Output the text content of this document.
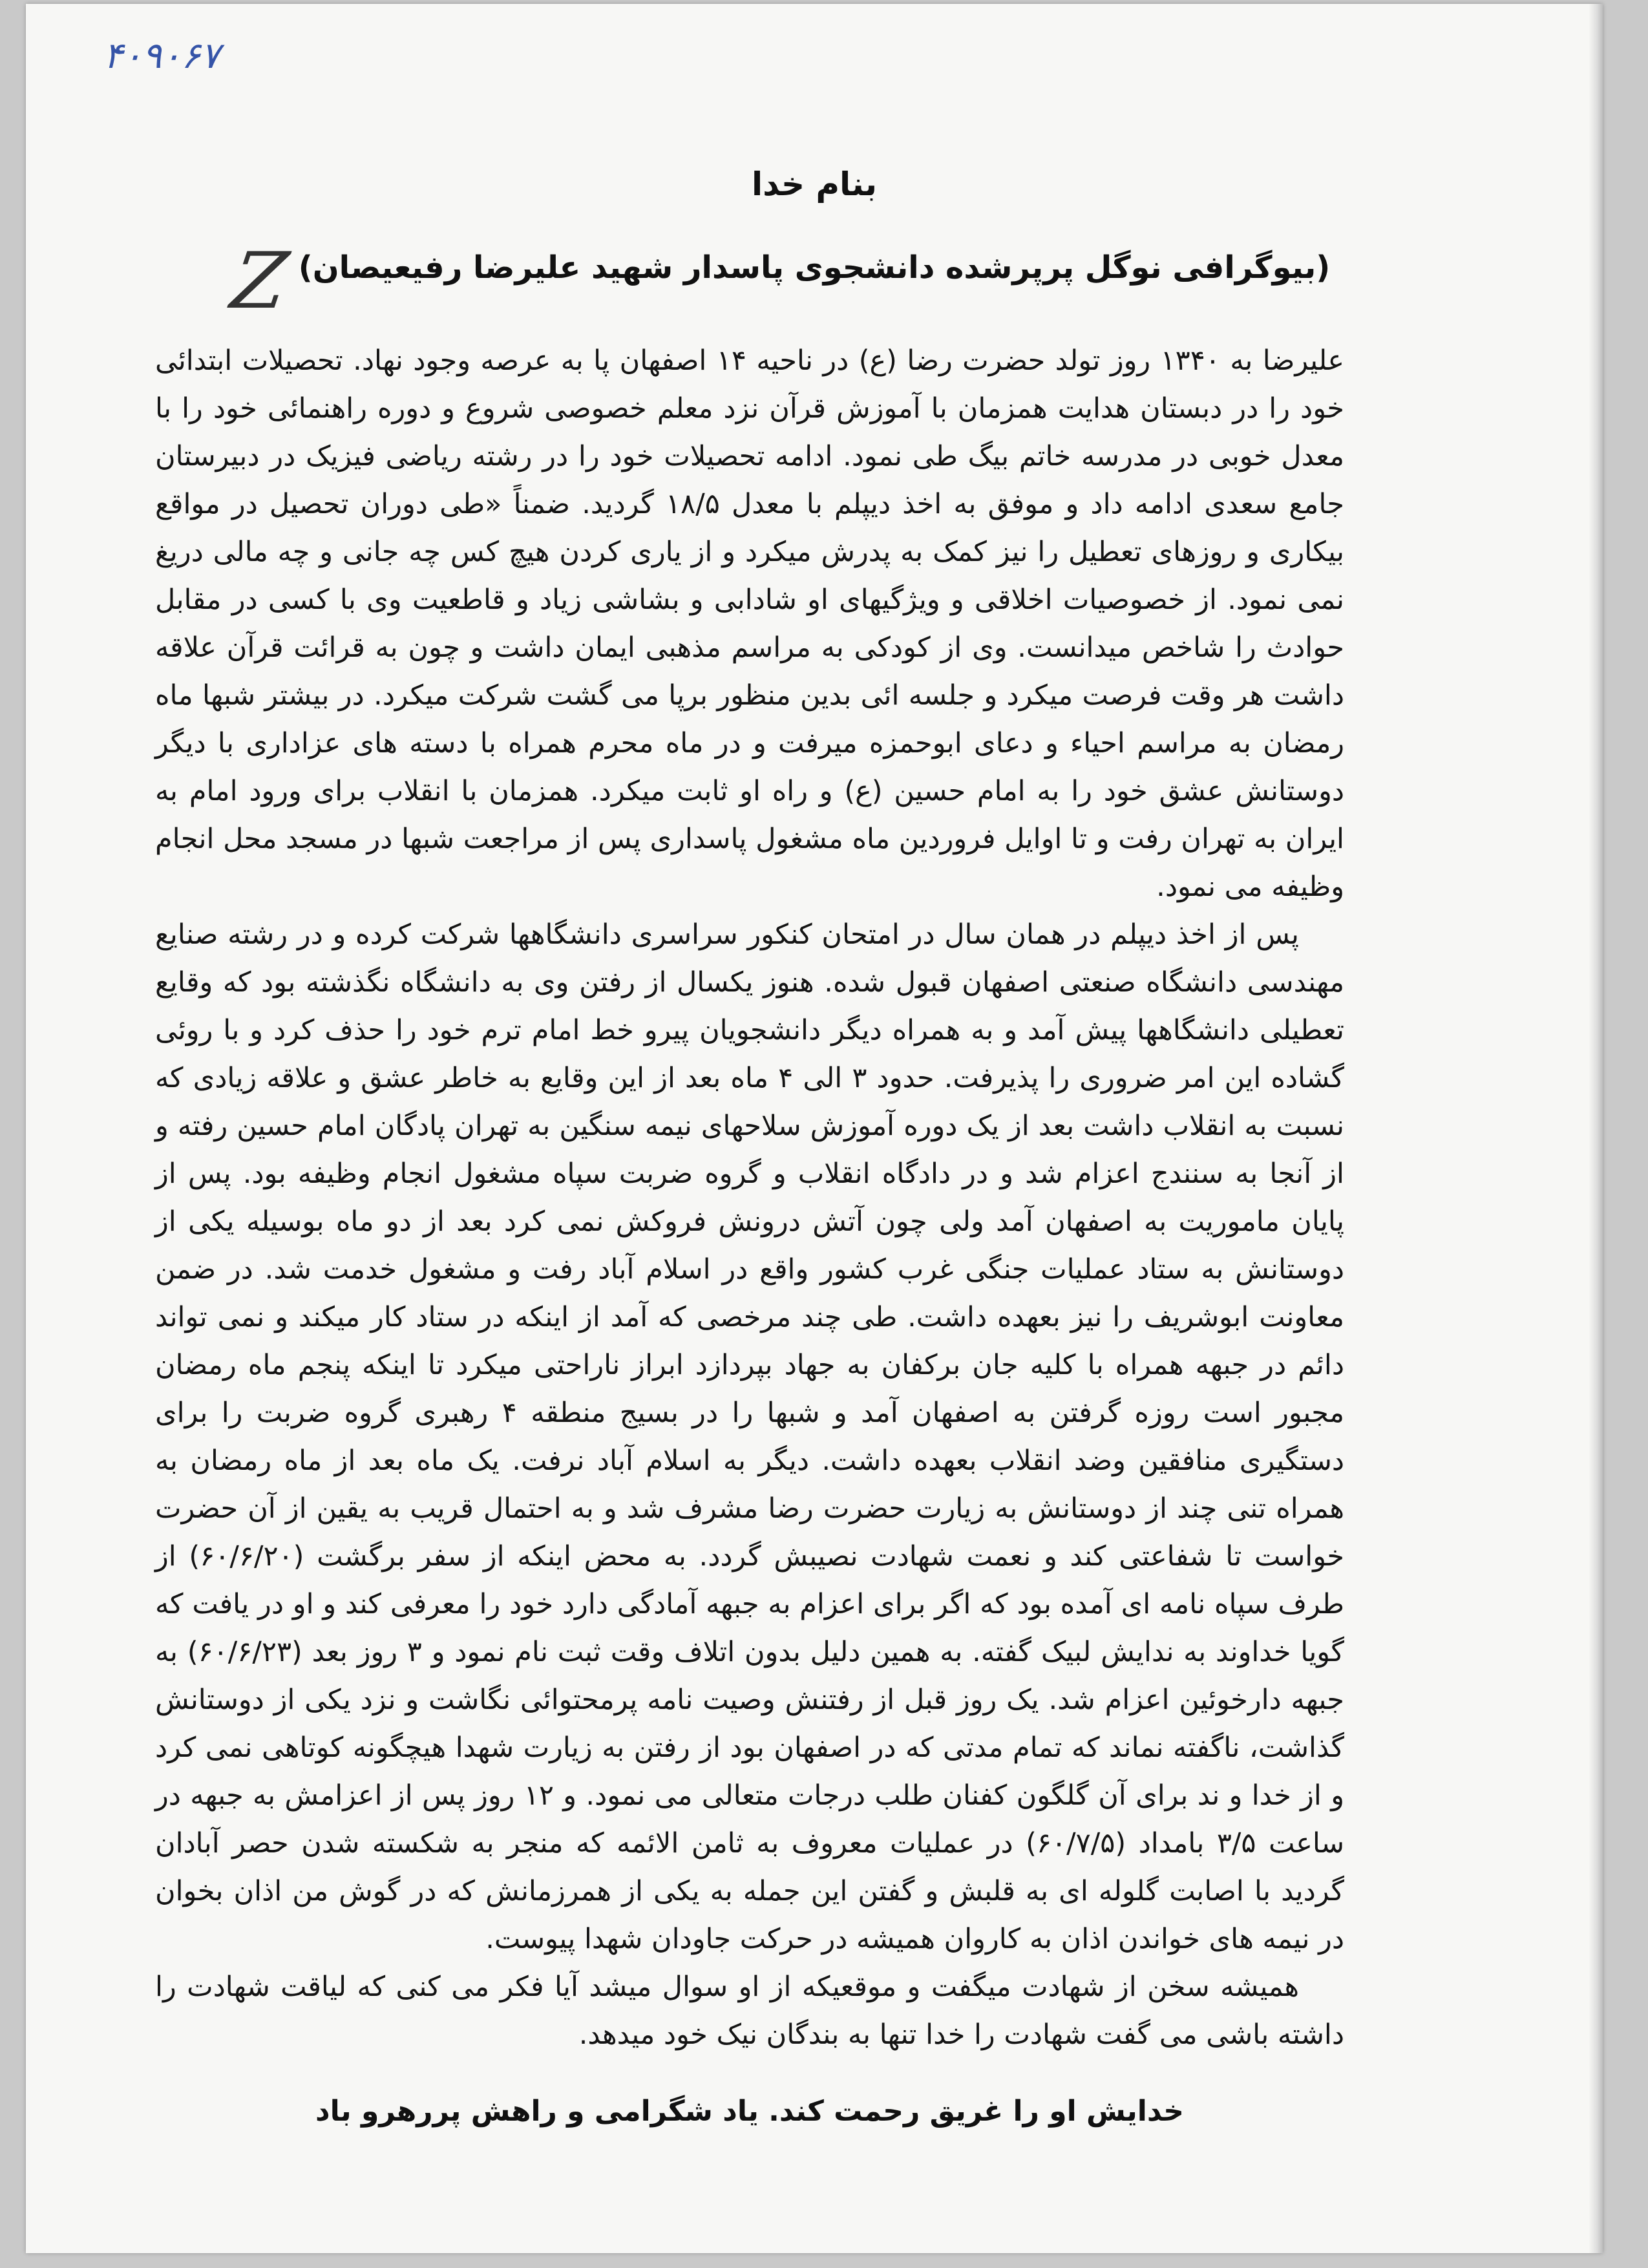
۴۰۹۰۶۷
Z
بنام خدا
(بیوگرافی نوگل پرپرشده دانشجوی پاسدار شهید علیرضا رفیعیصان)

علیرضا به ۱۳۴۰ روز تولد حضرت رضا (ع) در ناحیه ۱۴ اصفهان پا به عرصه وجود نهاد. تحصیلات ابتدائی خود را در دبستان هدایت همزمان با آموزش قرآن نزد معلم خصوصی شروع و دوره راهنمائی خود را با معدل خوبی در مدرسه خاتم بیگ طی نمود. ادامه تحصیلات خود را در رشته ریاضی فیزیک در دبیرستان جامع سعدی ادامه داد و موفق به اخذ دیپلم با معدل ۱۸/۵ گردید. ضمناً «طی دوران تحصیل در مواقع بیکاری و روزهای تعطیل را نیز کمک به پدرش میکرد و از یاری کردن هیچ کس چه جانی و چه مالی دریغ نمی نمود. از خصوصیات اخلاقی و ویژگیهای او شادابی و بشاشی زیاد و قاطعیت وی با کسی در مقابل حوادث را شاخص میدانست. وی از کودکی به مراسم مذهبی ایمان داشت و چون به قرائت قرآن علاقه داشت هر وقت فرصت میکرد و جلسه ائی بدین منظور برپا می گشت شرکت میکرد. در بیشتر شبها ماه رمضان به مراسم احیاء و دعای ابوحمزه میرفت و در ماه محرم همراه با دسته های عزاداری با دیگر دوستانش عشق خود را به امام حسین (ع) و راه او ثابت میکرد. همزمان با انقلاب برای ورود امام به ایران به تهران رفت و تا اوایل فروردین ماه مشغول پاسداری پس از مراجعت شبها در مسجد محل انجام وظیفه می نمود.

پس از اخذ دیپلم در همان سال در امتحان کنکور سراسری دانشگاهها شرکت کرده و در رشته صنایع مهندسی دانشگاه صنعتی اصفهان قبول شده. هنوز یکسال از رفتن وی به دانشگاه نگذشته بود که وقایع تعطیلی دانشگاهها پیش آمد و به همراه دیگر دانشجویان پیرو خط امام ترم خود را حذف کرد و با روئی گشاده این امر ضروری را پذیرفت. حدود ۳ الی ۴ ماه بعد از این وقایع به خاطر عشق و علاقه زیادی که نسبت به انقلاب داشت بعد از یک دوره آموزش سلاحهای نیمه سنگین به تهران پادگان امام حسین رفته و از آنجا به سنندج اعزام شد و در دادگاه انقلاب و گروه ضربت سپاه مشغول انجام وظیفه بود. پس از پایان ماموریت به اصفهان آمد ولی چون آتش درونش فروکش نمی کرد بعد از دو ماه بوسیله یکی از دوستانش به ستاد عملیات جنگی غرب کشور واقع در اسلام آباد رفت و مشغول خدمت شد. در ضمن معاونت ابوشریف را نیز بعهده داشت. طی چند مرخصی که آمد از اینکه در ستاد کار میکند و نمی تواند دائم در جبهه همراه با کلیه جان برکفان به جهاد بپردازد ابراز ناراحتی میکرد تا اینکه پنجم ماه رمضان مجبور است روزه گرفتن به اصفهان آمد و شبها را در بسیج منطقه ۴ رهبری گروه ضربت را برای دستگیری منافقین وضد انقلاب بعهده داشت. دیگر به اسلام آباد نرفت. یک ماه بعد از ماه رمضان به همراه تنی چند از دوستانش به زیارت حضرت رضا مشرف شد و به احتمال قریب به یقین از آن حضرت خواست تا شفاعتی کند و نعمت شهادت نصیبش گردد. به محض اینکه از سفر برگشت (۶۰/۶/۲۰) از طرف سپاه نامه ای آمده بود که اگر برای اعزام به جبهه آمادگی دارد خود را معرفی کند و او در یافت که گویا خداوند به ندایش لبیک گفته. به همین دلیل بدون اتلاف وقت ثبت نام نمود و ۳ روز بعد (۶۰/۶/۲۳) به جبهه دارخوئین اعزام شد. یک روز قبل از رفتنش وصیت نامه پرمحتوائی نگاشت و نزد یکی از دوستانش گذاشت، ناگفته نماند که تمام مدتی که در اصفهان بود از رفتن به زیارت شهدا هیچگونه کوتاهی نمی کرد و از خدا و ند برای آن گلگون کفنان طلب درجات متعالی می نمود. و ۱۲ روز پس از اعزامش به جبهه در ساعت ۳/۵ بامداد (۶۰/۷/۵) در عملیات معروف به ثامن الائمه که منجر به شکسته شدن حصر آبادان گردید با اصابت گلوله ای به قلبش و گفتن این جمله به یکی از همرزمانش که در گوش من اذان بخوان در نیمه های خواندن اذان به کاروان همیشه در حرکت جاودان شهدا پیوست.

همیشه سخن از شهادت میگفت و موقعیکه از او سوال میشد آیا فکر می کنی که لیاقت شهادت را داشته باشی می گفت شهادت را خدا تنها به بندگان نیک خود میدهد.

خدایش او را غریق رحمت کند. یاد شگرامی و راهش پررهرو باد
